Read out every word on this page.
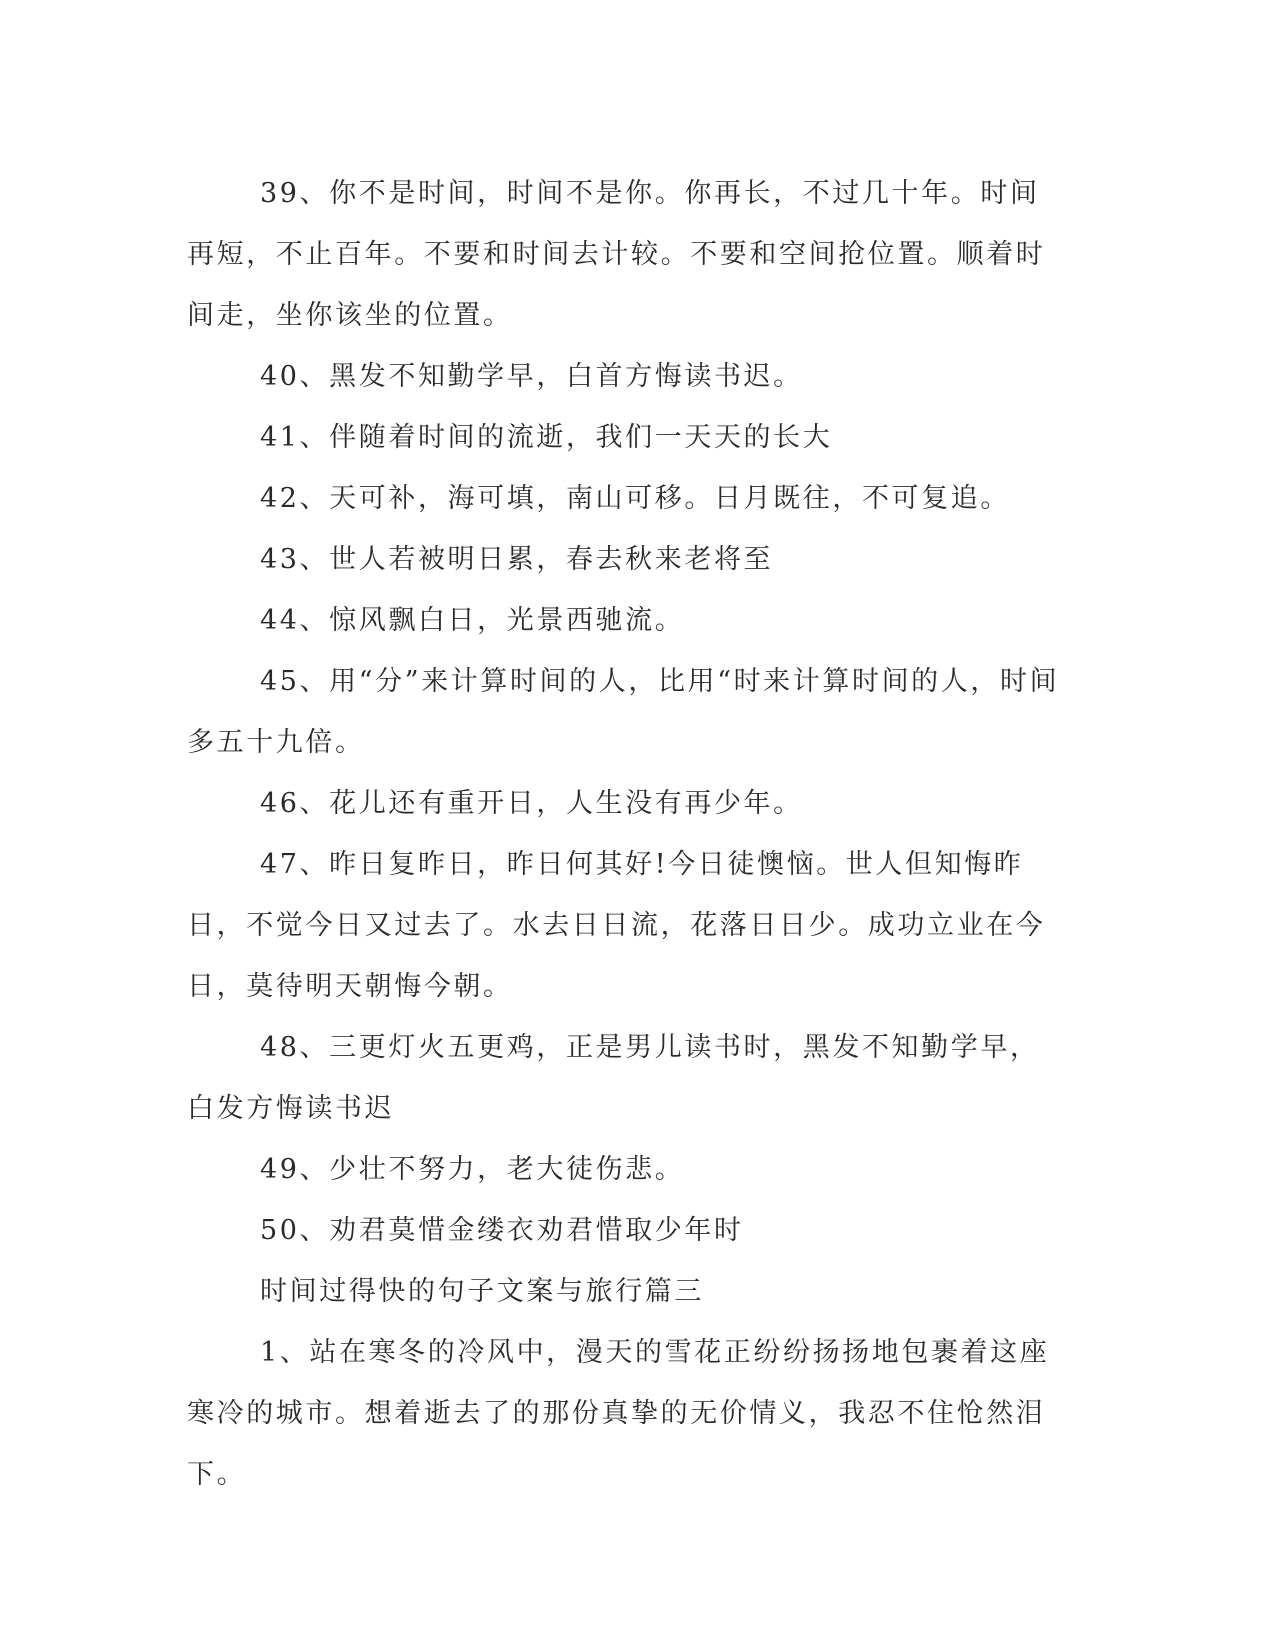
39、你不是时间，时间不是你。你再长，不过几十年。时间再短，不止百年。不要和时间去计较。不要和空间抢位置。顺着时间走，坐你该坐的位置。

40、黑发不知勤学早，白首方悔读书迟。

41、伴随着时间的流逝，我们一天天的长大

42、天可补，海可填，南山可移。日月既往，不可复追。

43、世人若被明日累，春去秋来老将至

44、惊风飘白日，光景西驰流。

45、用“分”来计算时间的人，比用“时来计算时间的人，时间多五十九倍。

46、花儿还有重开日，人生没有再少年。

47、昨日复昨日，昨日何其好!今日徒懊恼。世人但知悔昨日，不觉今日又过去了。水去日日流，花落日日少。成功立业在今日，莫待明天朝悔今朝。

48、三更灯火五更鸡，正是男儿读书时，黑发不知勤学早，白发方悔读书迟

49、少壮不努力，老大徒伤悲。

50、劝君莫惜金缕衣劝君惜取少年时

时间过得快的句子文案与旅行篇三

1、站在寒冬的冷风中，漫天的雪花正纷纷扬扬地包裹着这座寒冷的城市。想着逝去了的那份真挚的无价情义，我忍不住怆然泪下。
